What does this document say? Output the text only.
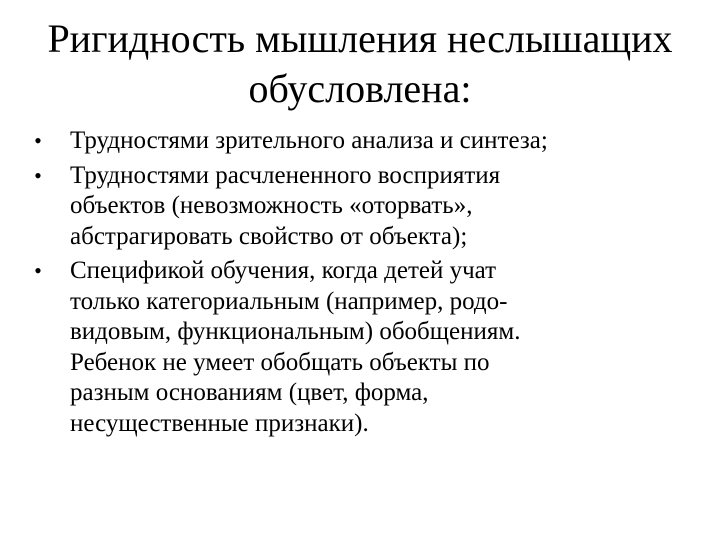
Ригидность мышления неслышащих
обусловлена:
• Трудностями зрительного анализа и синтеза;
• Трудностями расчлененного восприятия
объектов (невозможность «оторвать»,
абстрагировать свойство от объекта);
• Спецификой обучения, когда детей учат
только категориальным (например, родо-
видовым, функциональным) обобщениям.
Ребенок не умеет обобщать объекты по
разным основаниям (цвет, форма,
несущественные признаки).
